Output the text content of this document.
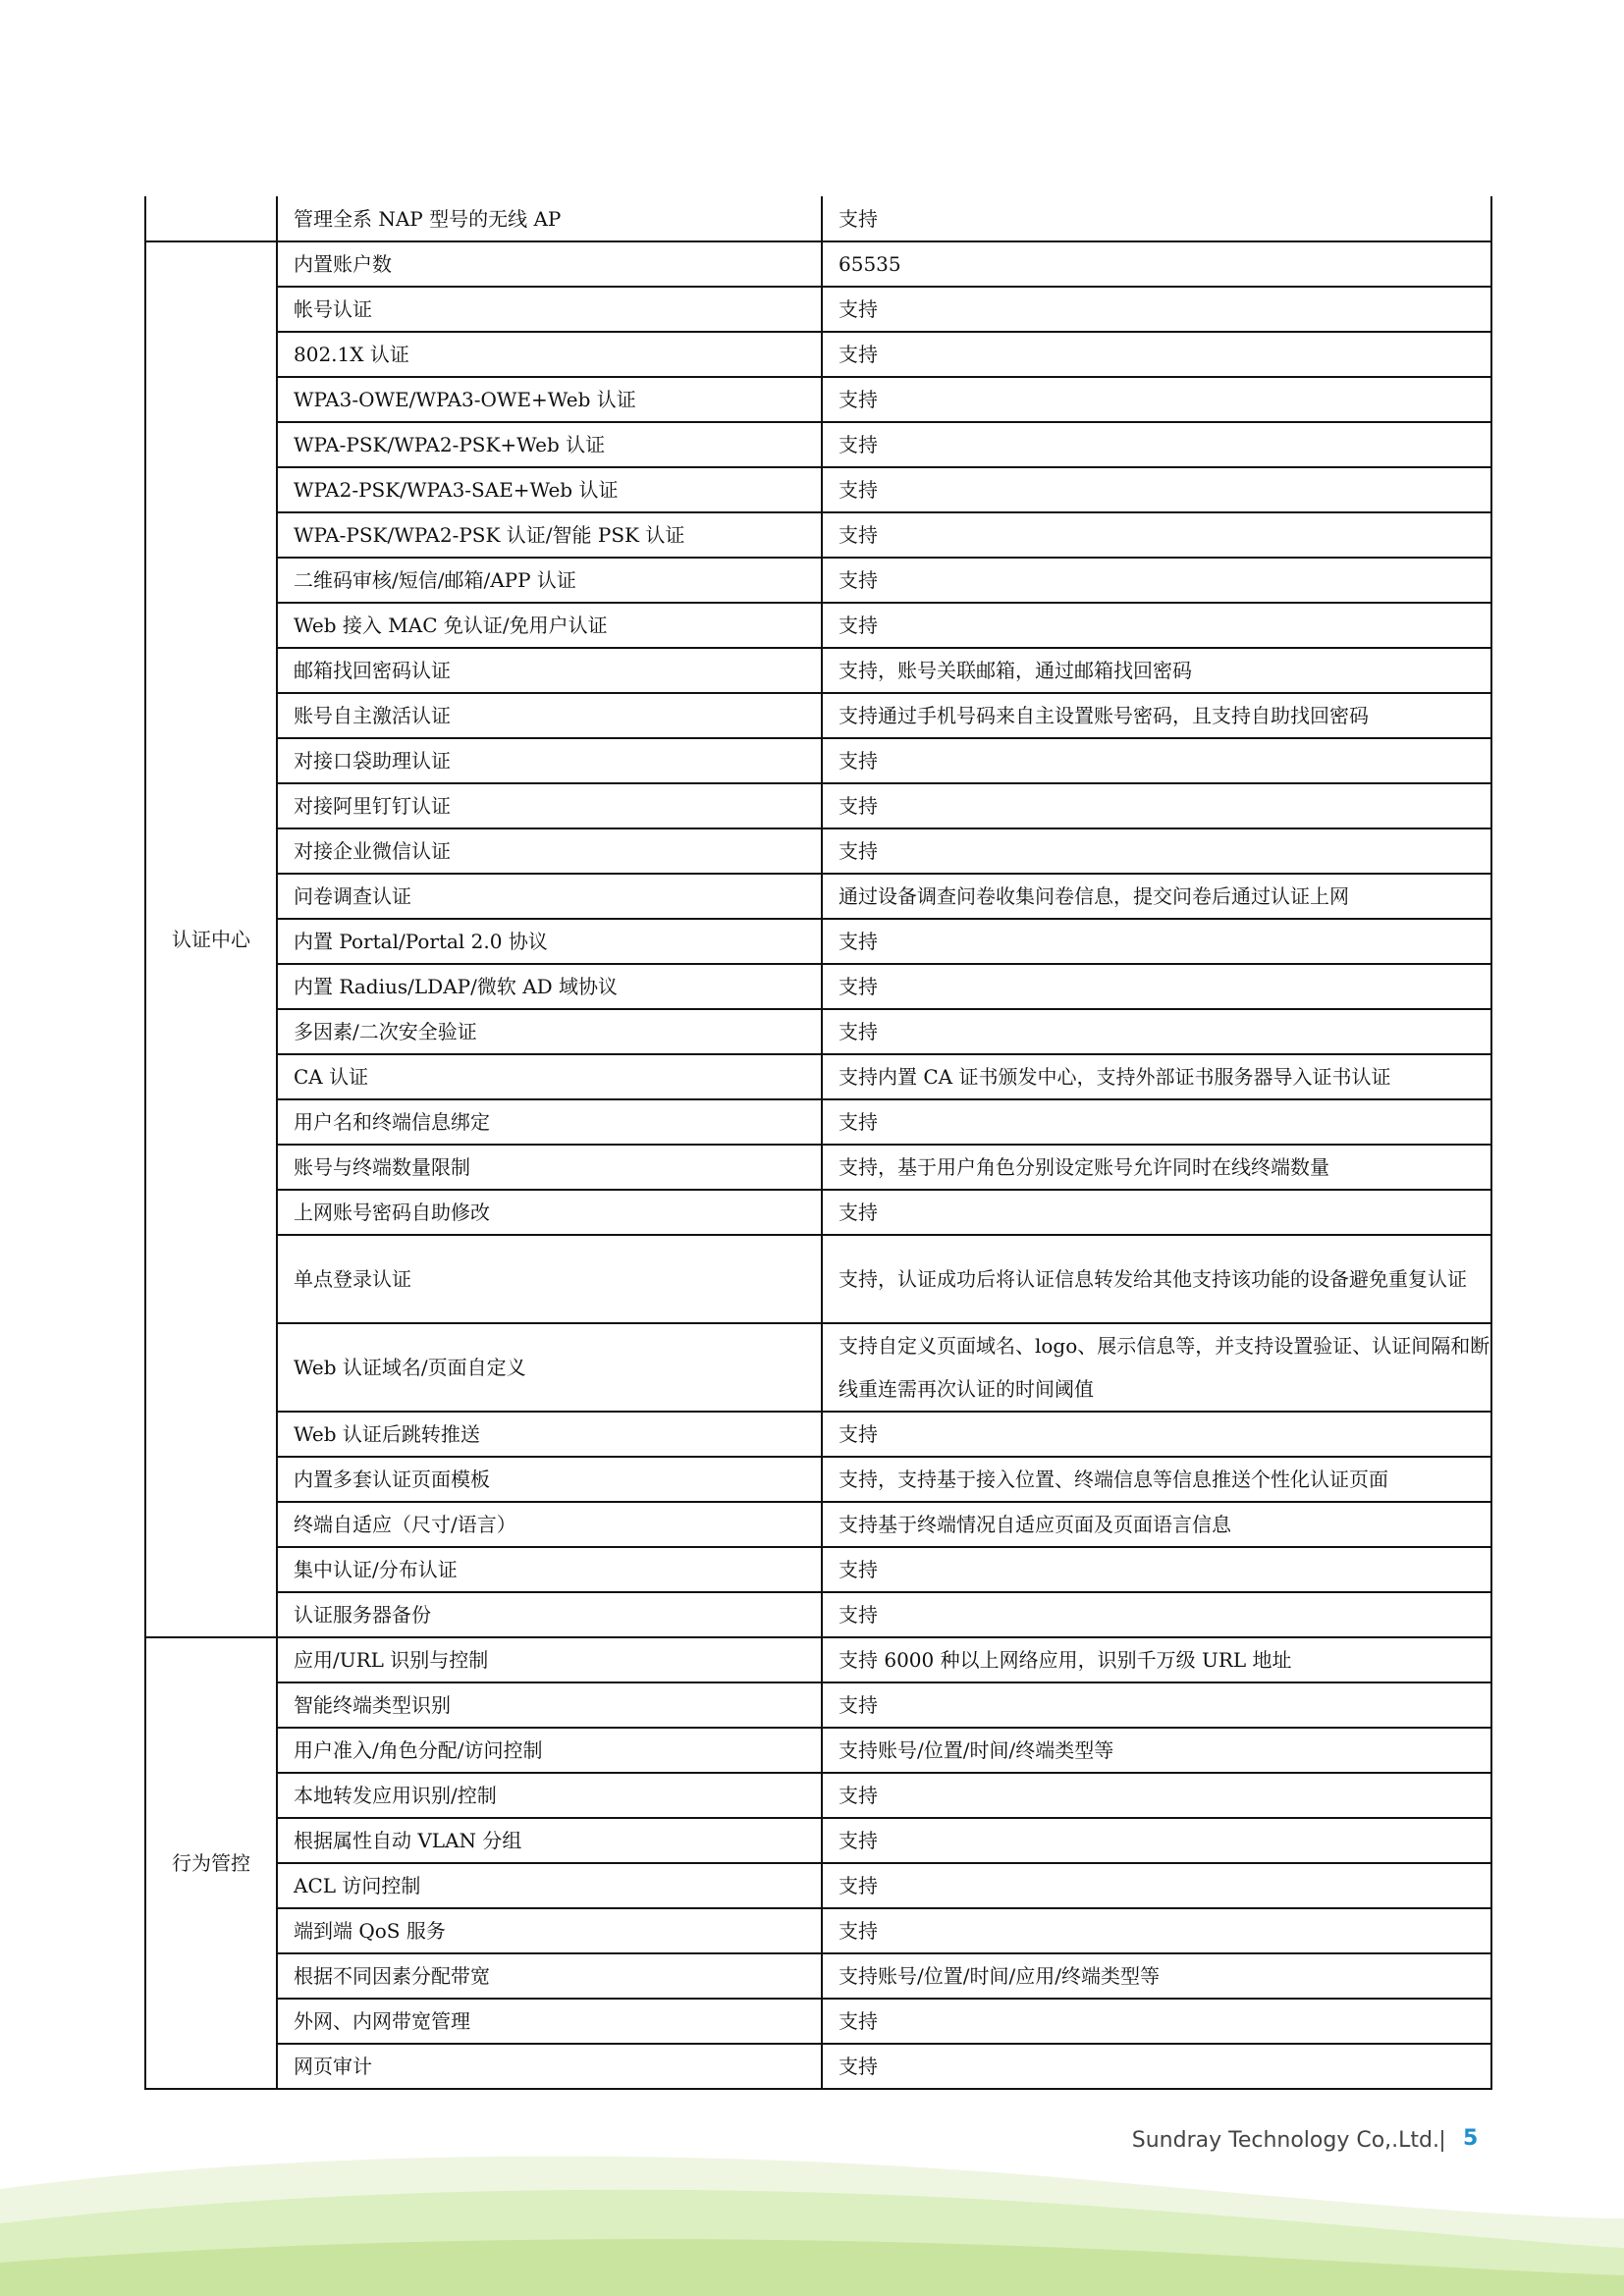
	管理全系 NAP 型号的无线 AP	支持
认证中心	内置账户数	65535
	帐号认证	支持
	802.1X 认证	支持
	WPA3-OWE/WPA3-OWE+Web 认证	支持
	WPA-PSK/WPA2-PSK+Web 认证	支持
	WPA2-PSK/WPA3-SAE+Web 认证	支持
	WPA-PSK/WPA2-PSK 认证/智能 PSK 认证	支持
	二维码审核/短信/邮箱/APP 认证	支持
	Web 接入 MAC 免认证/免用户认证	支持
	邮箱找回密码认证	支持，账号关联邮箱，通过邮箱找回密码
	账号自主激活认证	支持通过手机号码来自主设置账号密码，且支持自助找回密码
	对接口袋助理认证	支持
	对接阿里钉钉认证	支持
	对接企业微信认证	支持
	问卷调查认证	通过设备调查问卷收集问卷信息，提交问卷后通过认证上网
	内置 Portal/Portal 2.0 协议	支持
	内置 Radius/LDAP/微软 AD 域协议	支持
	多因素/二次安全验证	支持
	CA 认证	支持内置 CA 证书颁发中心，支持外部证书服务器导入证书认证
	用户名和终端信息绑定	支持
	账号与终端数量限制	支持，基于用户角色分别设定账号允许同时在线终端数量
	上网账号密码自助修改	支持
	单点登录认证	支持，认证成功后将认证信息转发给其他支持该功能的设备避免重复认证
	Web 认证域名/页面自定义	支持自定义页面域名、logo、展示信息等，并支持设置验证、认证间隔和断线重连需再次认证的时间阈值
	Web 认证后跳转推送	支持
	内置多套认证页面模板	支持，支持基于接入位置、终端信息等信息推送个性化认证页面
	终端自适应（尺寸/语言）	支持基于终端情况自适应页面及页面语言信息
	集中认证/分布认证	支持
	认证服务器备份	支持
行为管控	应用/URL 识别与控制	支持 6000 种以上网络应用，识别千万级 URL 地址
	智能终端类型识别	支持
	用户准入/角色分配/访问控制	支持账号/位置/时间/终端类型等
	本地转发应用识别/控制	支持
	根据属性自动 VLAN 分组	支持
	ACL 访问控制	支持
	端到端 QoS 服务	支持
	根据不同因素分配带宽	支持账号/位置/时间/应用/终端类型等
	外网、内网带宽管理	支持
	网页审计	支持
Sundray Technology Co,.Ltd. 5
